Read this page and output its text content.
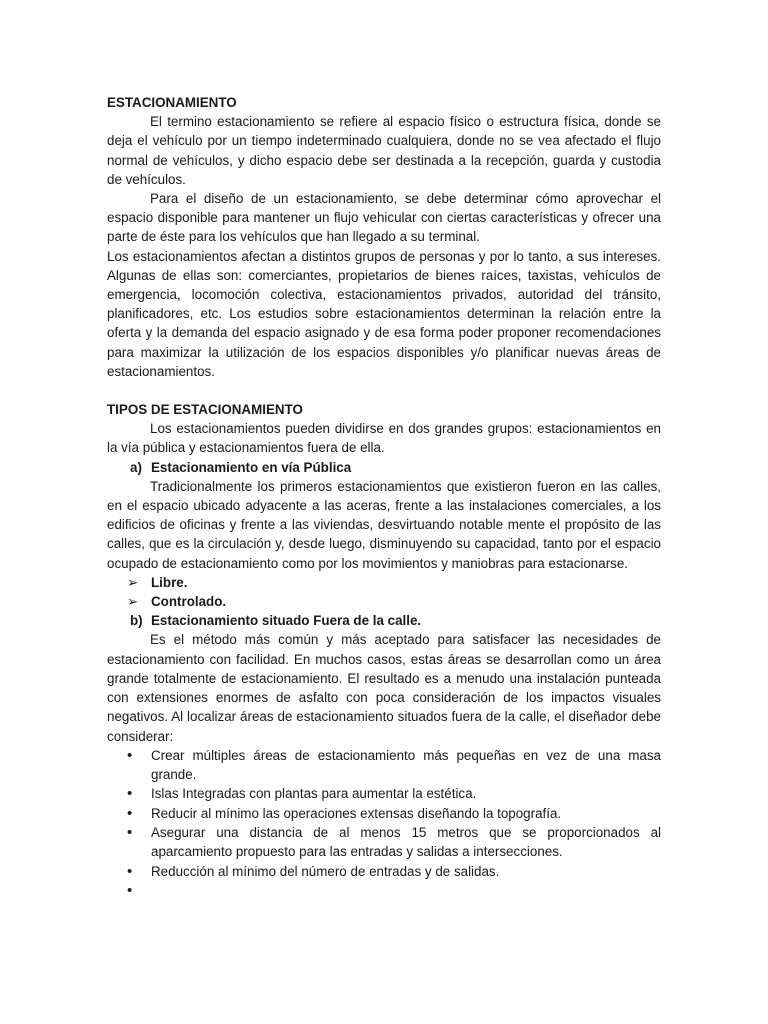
ESTACIONAMIENTO

El termino estacionamiento se refiere al espacio físico o estructura física, donde se deja el vehículo por un tiempo indeterminado cualquiera, donde no se vea afectado el flujo normal de vehículos, y dicho espacio debe ser destinada a la recepción, guarda y custodia de vehículos.

Para el diseño de un estacionamiento, se debe determinar cómo aprovechar el espacio disponible para mantener un flujo vehicular con ciertas características y ofrecer una parte de éste para los vehículos que han llegado a su terminal.

Los estacionamientos afectan a distintos grupos de personas y por lo tanto, a sus intereses. Algunas de ellas son: comerciantes, propietarios de bienes raíces, taxistas, vehículos de emergencia, locomoción colectiva, estacionamientos privados, autoridad del tránsito, planificadores, etc. Los estudios sobre estacionamientos determinan la relación entre la oferta y la demanda del espacio asignado y de esa forma poder proponer recomendaciones para maximizar la utilización de los espacios disponibles y/o planificar nuevas áreas de estacionamientos.

TIPOS DE ESTACIONAMIENTO

Los estacionamientos pueden dividirse en dos grandes grupos: estacionamientos en la vía pública y estacionamientos fuera de ella.

a) Estacionamiento en vía Pública

Tradicionalmente los primeros estacionamientos que existieron fueron en las calles, en el espacio ubicado adyacente a las aceras, frente a las instalaciones comerciales, a los edificios de oficinas y frente a las viviendas, desvirtuando notable mente el propósito de las calles, que es la circulación y, desde luego, disminuyendo su capacidad, tanto por el espacio ocupado de estacionamiento como por los movimientos y maniobras para estacionarse.

➢ Libre.
➢ Controlado.
b) Estacionamiento situado Fuera de la calle.

Es el método más común y más aceptado para satisfacer las necesidades de estacionamiento con facilidad. En muchos casos, estas áreas se desarrollan como un área grande totalmente de estacionamiento. El resultado es a menudo una instalación punteada con extensiones enormes de asfalto con poca consideración de los impactos visuales negativos. Al localizar áreas de estacionamiento situados fuera de la calle, el diseñador debe considerar:

•	Crear múltiples áreas de estacionamiento más pequeñas en vez de una masa grande.
•	Islas Integradas con plantas para aumentar la estética.
•	Reducir al mínimo las operaciones extensas diseñando la topografía.
•	Asegurar una distancia de al menos 15 metros que se proporcionados al aparcamiento propuesto para las entradas y salidas a intersecciones.
•	Reducción al mínimo del número de entradas y de salidas.
•
